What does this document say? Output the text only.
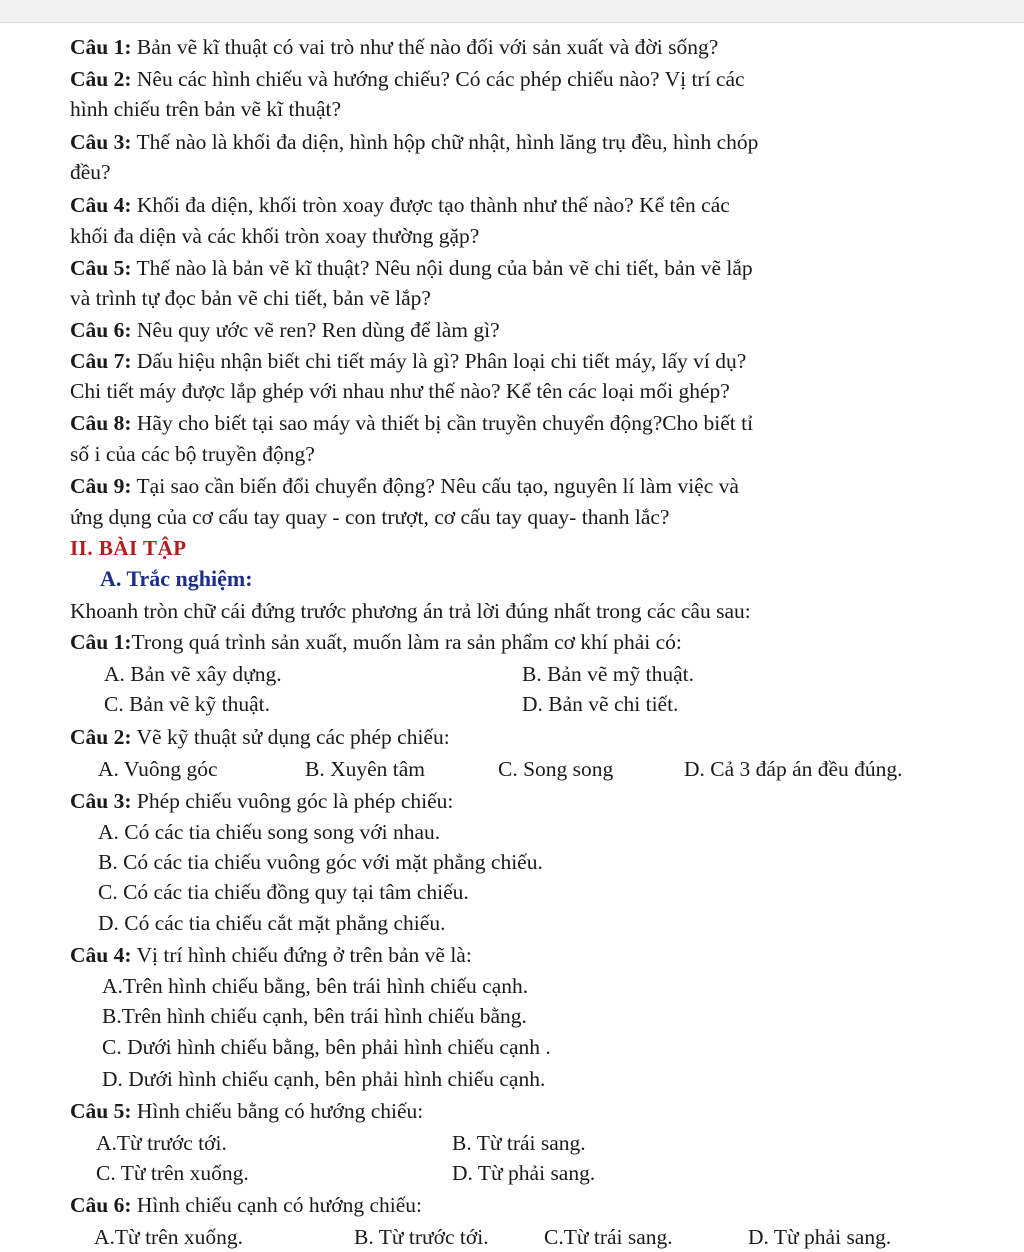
Câu 1: Bản vẽ kĩ thuật có vai trò như thế nào đối với sản xuất và đời sống?
Câu 2: Nêu các hình chiếu và hướng chiếu? Có các phép chiếu nào? Vị trí các
hình chiếu trên bản vẽ kĩ thuật?
Câu 3: Thế nào là khối đa diện, hình hộp chữ nhật, hình lăng trụ đều, hình chóp
đều?
Câu 4: Khối đa diện, khối tròn xoay được tạo thành như thế nào? Kể tên các
khối đa diện và các khối tròn xoay thường gặp?
Câu 5: Thế nào là bản vẽ kĩ thuật? Nêu nội dung của bản vẽ chi tiết, bản vẽ lắp
và trình tự đọc bản vẽ chi tiết, bản vẽ lắp?
Câu 6: Nêu quy ước vẽ ren? Ren dùng để làm gì?
Câu 7: Dấu hiệu nhận biết chi tiết máy là gì? Phân loại chi tiết máy, lấy ví dụ?
Chi tiết máy được lắp ghép với nhau như thế nào? Kể tên các loại mối ghép?
Câu 8: Hãy cho biết tại sao máy và thiết bị cần truyền chuyển động?Cho biết tỉ
số i của các bộ truyền động?
Câu 9: Tại sao cần biến đổi chuyển động? Nêu cấu tạo, nguyên lí làm việc và
ứng dụng của cơ cấu tay quay - con trượt, cơ cấu tay quay- thanh lắc?
II. BÀI TẬP
A. Trắc nghiệm:
Khoanh tròn chữ cái đứng trước phương án trả lời đúng nhất trong các câu sau:
Câu 1:Trong quá trình sản xuất, muốn làm ra sản phẩm cơ khí phải có:
A. Bản vẽ xây dựng.	B. Bản vẽ mỹ thuật.
C. Bản vẽ kỹ thuật.	D. Bản vẽ chi tiết.
Câu 2: Vẽ kỹ thuật sử dụng các phép chiếu:
A. Vuông góc	B. Xuyên tâm	C. Song song	D. Cả 3 đáp án đều đúng.
Câu 3: Phép chiếu vuông góc là phép chiếu:
A. Có các tia chiếu song song với nhau.
B. Có các tia chiếu vuông góc với mặt phẳng chiếu.
C. Có các tia chiếu đồng quy tại tâm chiếu.
D. Có các tia chiếu cắt mặt phẳng chiếu.
Câu 4: Vị trí hình chiếu đứng ở trên bản vẽ là:
A.Trên hình chiếu bằng, bên trái hình chiếu cạnh.
B.Trên hình chiếu cạnh, bên trái hình chiếu bằng.
C. Dưới hình chiếu bằng, bên phải hình chiếu cạnh .
D. Dưới hình chiếu cạnh, bên phải hình chiếu cạnh.
Câu 5: Hình chiếu bằng có hướng chiếu:
A.Từ trước tới.	B. Từ trái sang.
C. Từ trên xuống.	D. Từ phải sang.
Câu 6: Hình chiếu cạnh có hướng chiếu:
A.Từ trên xuống.	B. Từ trước tới.	C.Từ trái sang.	D. Từ phải sang.
